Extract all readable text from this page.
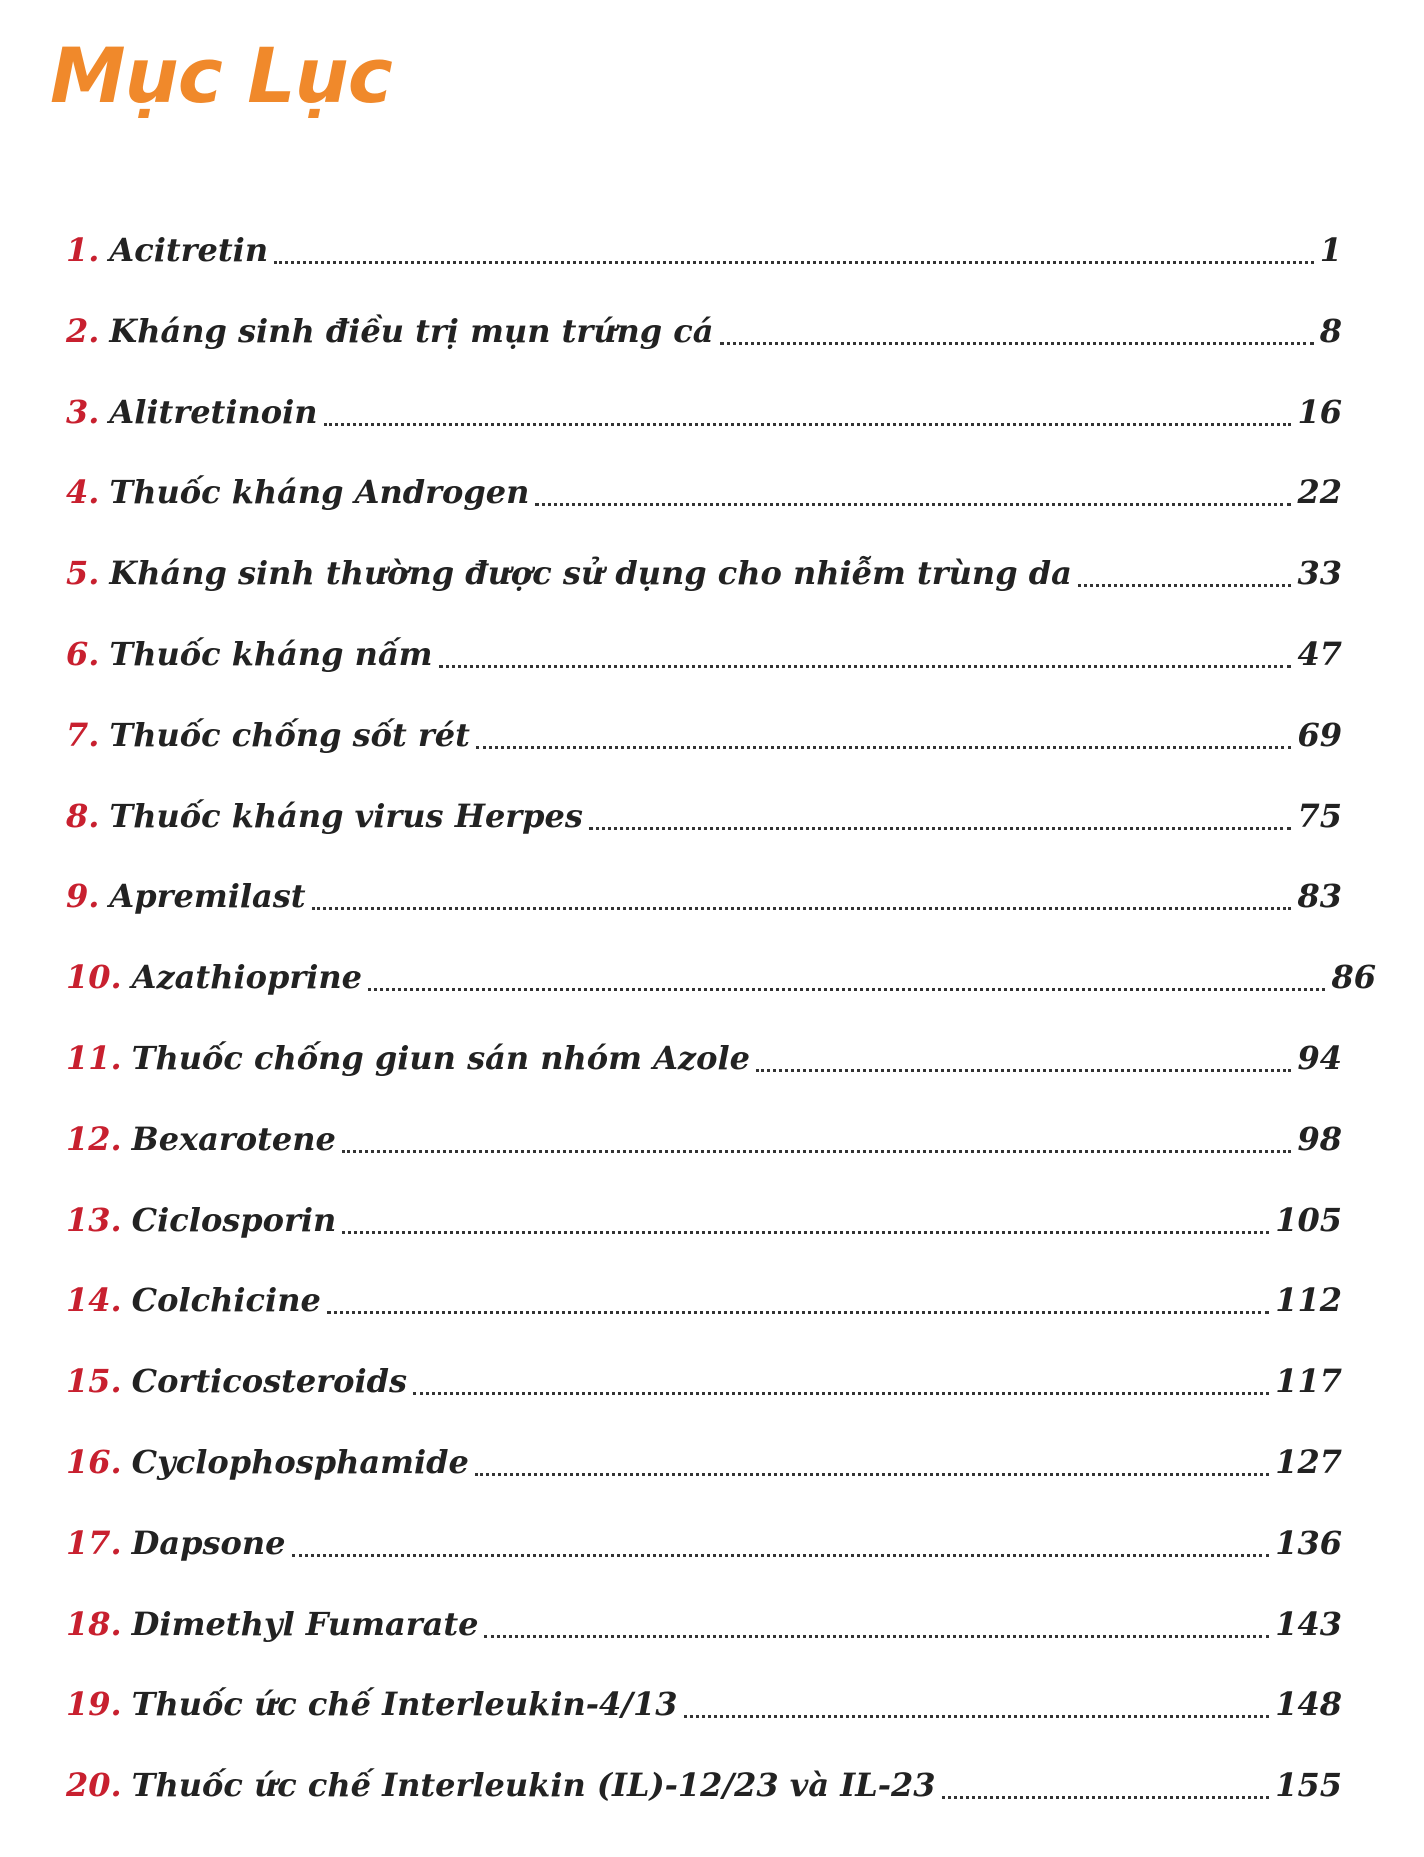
Mục Lục
1. Acitretin	1
2. Kháng sinh điều trị mụn trứng cá	8
3. Alitretinoin	16
4. Thuốc kháng Androgen	22
5. Kháng sinh thường được sử dụng cho nhiễm trùng da	33
6. Thuốc kháng nấm	47
7. Thuốc chống sốt rét	69
8. Thuốc kháng virus Herpes	75
9. Apremilast	83
10. Azathioprine	86
11. Thuốc chống giun sán nhóm Azole	94
12. Bexarotene	98
13. Ciclosporin	105
14. Colchicine	112
15. Corticosteroids	117
16. Cyclophosphamide	127
17. Dapsone	136
18. Dimethyl Fumarate	143
19. Thuốc ức chế Interleukin-4/13	148
20. Thuốc ức chế Interleukin (IL)-12/23 và IL-23	155
